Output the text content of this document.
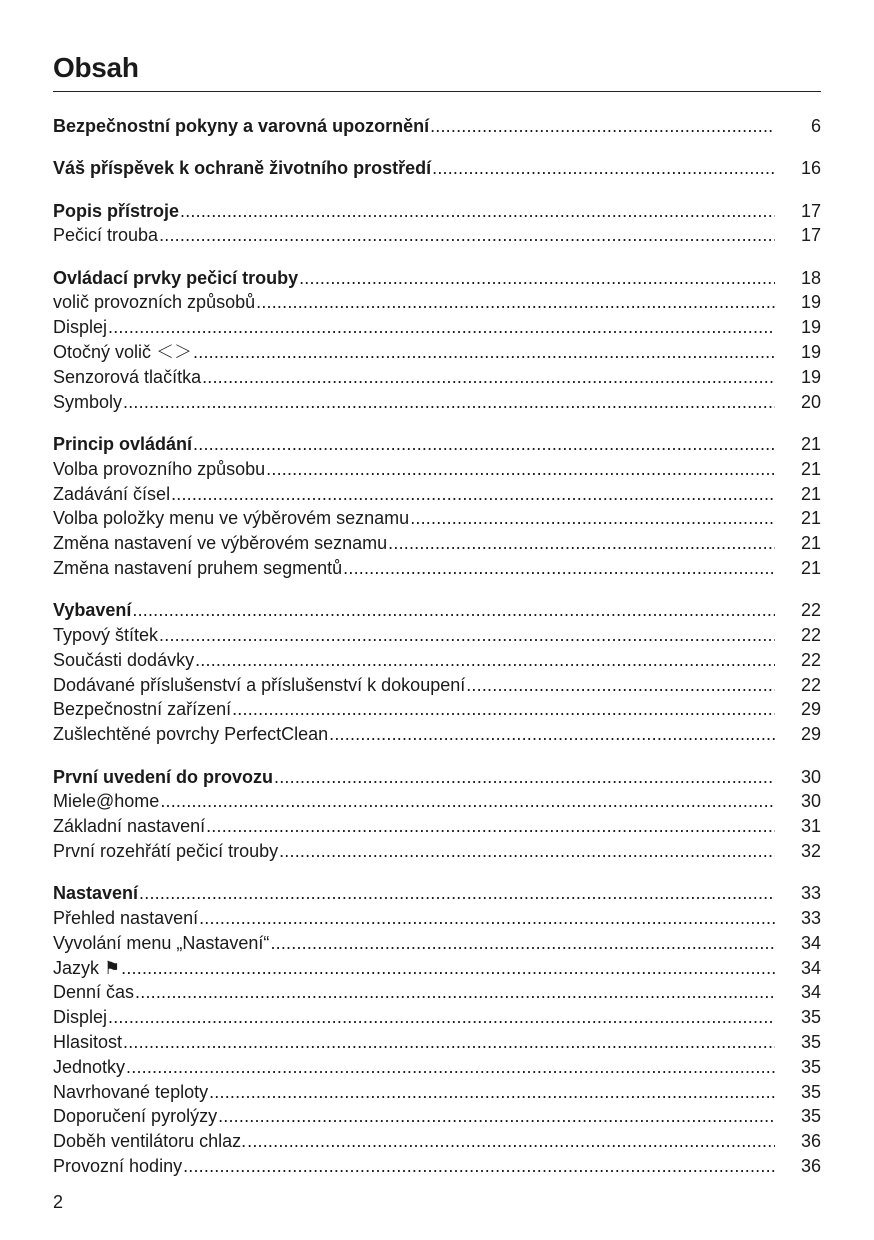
Obsah
Bezpečnostní pokyny a varovná upozornění .....	6
Váš příspěvek k ochraně životního prostředí .....	16
Popis přístroje .....	17
Pečicí trouba .....	17
Ovládací prvky pečicí trouby .....	18
volič provozních způsobů .....	19
Displej .....	19
Otočný volič ＜＞ .....	19
Senzorová tlačítka .....	19
Symboly .....	20
Princip ovládání .....	21
Volba provozního způsobu .....	21
Zadávání čísel .....	21
Volba položky menu ve výběrovém seznamu .....	21
Změna nastavení ve výběrovém seznamu .....	21
Změna nastavení pruhem segmentů .....	21
Vybavení .....	22
Typový štítek .....	22
Součásti dodávky .....	22
Dodávané příslušenství a příslušenství k dokoupení .....	22
Bezpečnostní zařízení .....	29
Zušlechtěné povrchy PerfectClean .....	29
První uvedení do provozu .....	30
Miele@home .....	30
Základní nastavení .....	31
První rozehřátí pečicí trouby .....	32
Nastavení .....	33
Přehled nastavení .....	33
Vyvolání menu „Nastavení“ .....	34
Jazyk ⚑ .....	34
Denní čas .....	34
Displej .....	35
Hlasitost .....	35
Jednotky .....	35
Navrhované teploty .....	35
Doporučení pyrolýzy .....	35
Doběh ventilátoru chlaz. .....	36
Provozní hodiny .....	36
2
